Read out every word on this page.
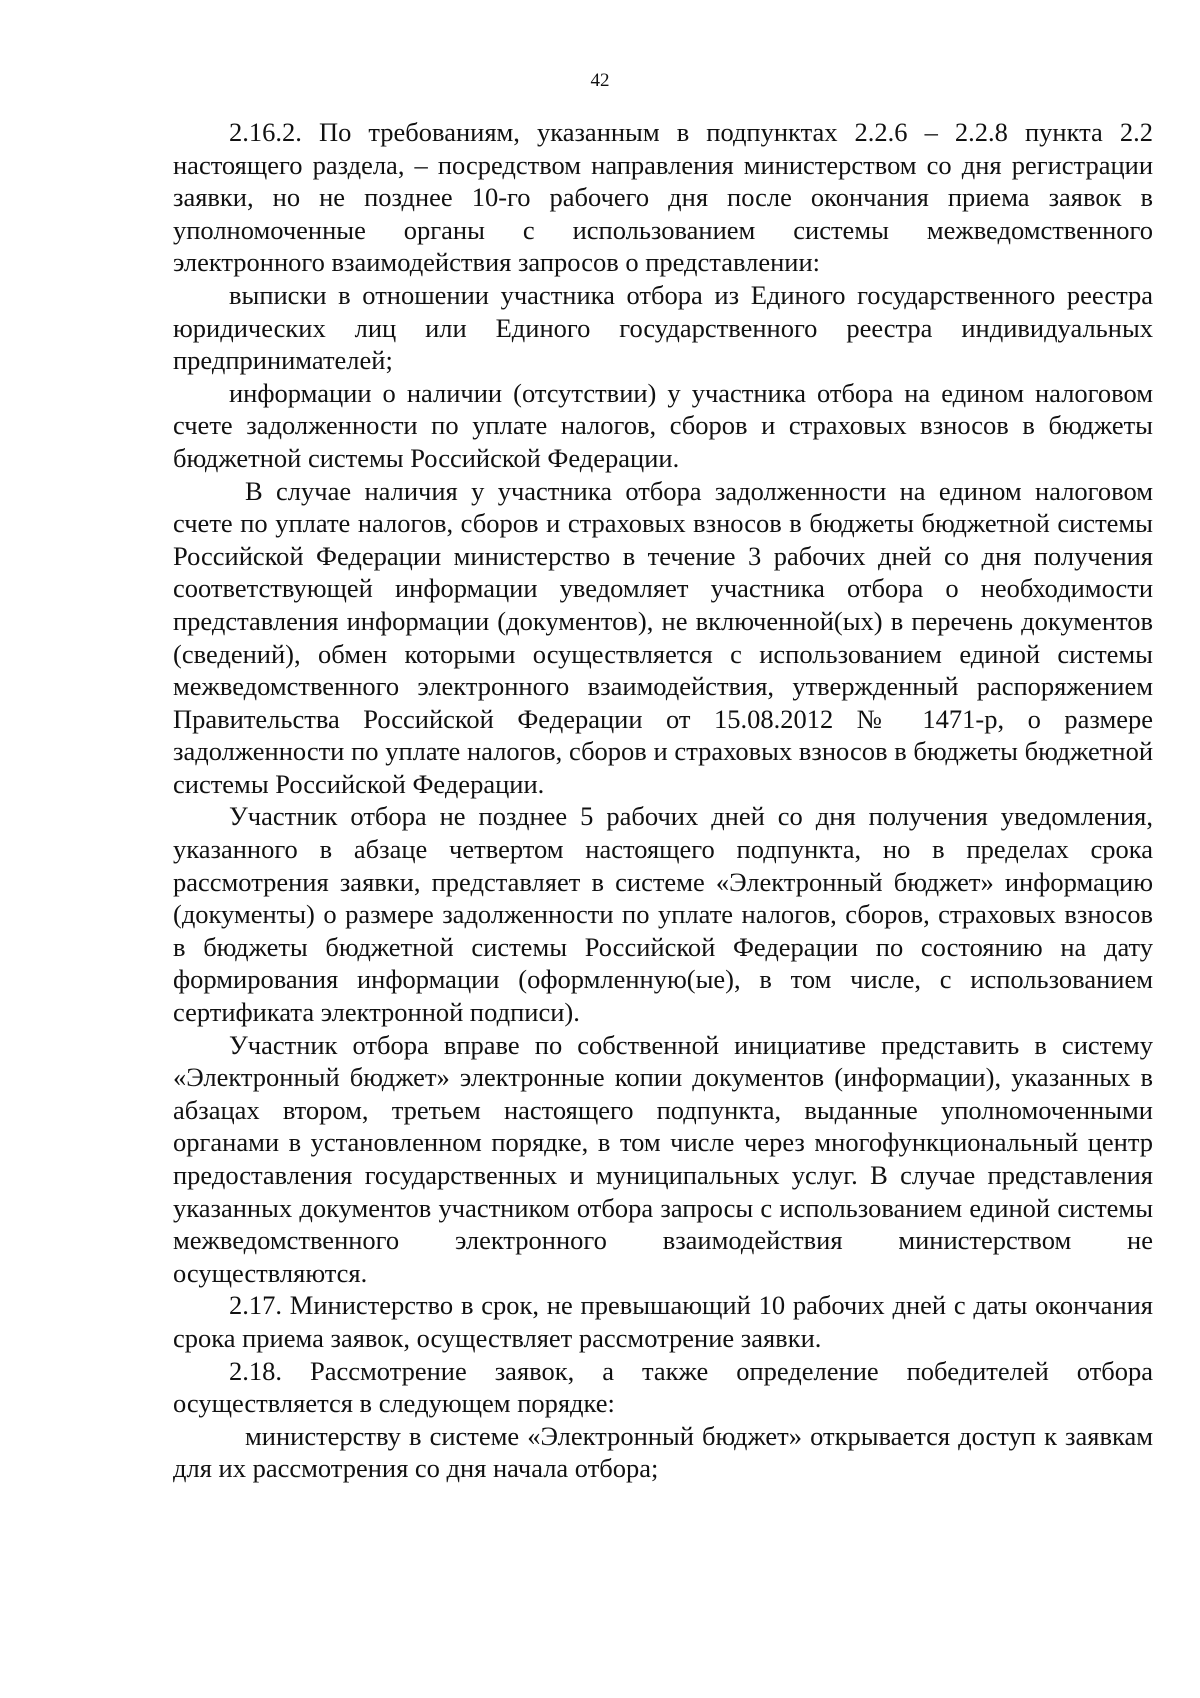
42

2.16.2. По требованиям, указанным в подпунктах 2.2.6 – 2.2.8 пункта 2.2 настоящего раздела, – посредством направления министерством со дня регистрации заявки, но не позднее 10-го рабочего дня после окончания приема заявок в уполномоченные органы с использованием системы межведомственного электронного взаимодействия запросов о представлении:

выписки в отношении участника отбора из Единого государственного реестра юридических лиц или Единого государственного реестра индивидуальных предпринимателей;

информации о наличии (отсутствии) у участника отбора на едином налоговом счете задолженности по уплате налогов, сборов и страховых взносов в бюджеты бюджетной системы Российской Федерации.

В случае наличия у участника отбора задолженности на едином налоговом счете по уплате налогов, сборов и страховых взносов в бюджеты бюджетной системы Российской Федерации министерство в течение 3 рабочих дней со дня получения соответствующей информации уведомляет участника отбора о необходимости представления информации (документов), не включенной(ых) в перечень документов (сведений), обмен которыми осуществляется с использованием единой системы межведомственного электронного взаимодействия, утвержденный распоряжением Правительства Российской Федерации от 15.08.2012 № 1471-р, о размере задолженности по уплате налогов, сборов и страховых взносов в бюджеты бюджетной системы Российской Федерации.

Участник отбора не позднее 5 рабочих дней со дня получения уведомления, указанного в абзаце четвертом настоящего подпункта, но в пределах срока рассмотрения заявки, представляет в системе «Электронный бюджет» информацию (документы) о размере задолженности по уплате налогов, сборов, страховых взносов в бюджеты бюджетной системы Российской Федерации по состоянию на дату формирования информации (оформленную(ые), в том числе, с использованием сертификата электронной подписи).

Участник отбора вправе по собственной инициативе представить в систему «Электронный бюджет» электронные копии документов (информации), указанных в абзацах втором, третьем настоящего подпункта, выданные уполномоченными органами в установленном порядке, в том числе через многофункциональный центр предоставления государственных и муниципальных услуг. В случае представления указанных документов участником отбора запросы с использованием единой системы межведомственного электронного взаимодействия министерством не осуществляются.

2.17. Министерство в срок, не превышающий 10 рабочих дней с даты окончания срока приема заявок, осуществляет рассмотрение заявки.

2.18. Рассмотрение заявок, а также определение победителей отбора осуществляется в следующем порядке:

министерству в системе «Электронный бюджет» открывается доступ к заявкам для их рассмотрения со дня начала отбора;
